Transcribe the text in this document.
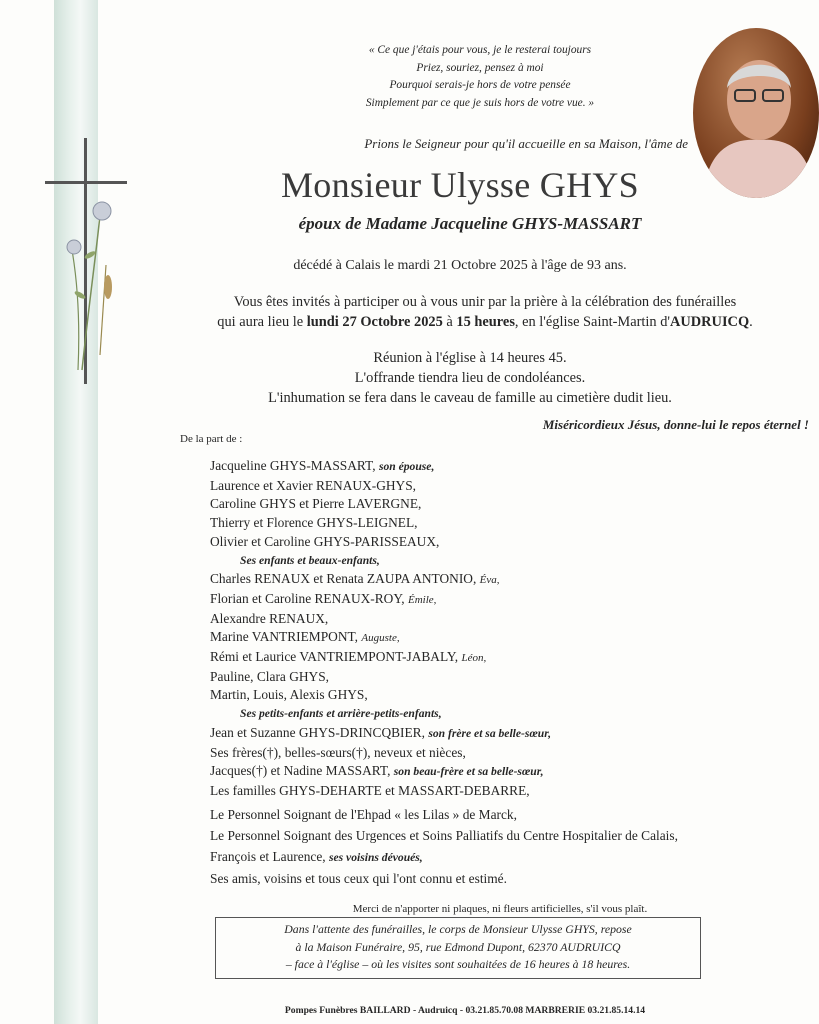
« Ce que j'étais pour vous, je le resterai toujours
Priez, souriez, pensez à moi
Pourquoi serais-je hors de votre pensée
Simplement par ce que je suis hors de votre vue. »
Prions le Seigneur pour qu'il accueille en sa Maison, l'âme de
Monsieur Ulysse GHYS
époux de Madame Jacqueline GHYS-MASSART
décédé à Calais le mardi 21 Octobre 2025 à l'âge de 93 ans.
Vous êtes invités à participer ou à vous unir par la prière à la célébration des funérailles
qui aura lieu le lundi 27 Octobre 2025 à 15 heures, en l'église Saint-Martin d'AUDRUICQ.
Réunion à l'église à 14 heures 45.
L'offrande tiendra lieu de condoléances.
L'inhumation se fera dans le caveau de famille au cimetière dudit lieu.
Miséricordieux Jésus, donne-lui le repos éternel !
De la part de :
Jacqueline GHYS-MASSART, son épouse,
Laurence et Xavier RENAUX-GHYS,
Caroline GHYS et Pierre LAVERGNE,
Thierry et Florence GHYS-LEIGNEL,
Olivier et Caroline GHYS-PARISSEAUX,
Ses enfants et beaux-enfants,
Charles RENAUX et Renata ZAUPA ANTONIO, Éva,
Florian et Caroline RENAUX-ROY, Émile,
Alexandre RENAUX,
Marine VANTRIEMPONT, Auguste,
Rémi et Laurice VANTRIEMPONT-JABALY, Léon,
Pauline, Clara GHYS,
Martin, Louis, Alexis GHYS,
Ses petits-enfants et arrière-petits-enfants,
Jean et Suzanne GHYS-DRINCQBIER, son frère et sa belle-sœur,
Ses frères(†), belles-sœurs(†), neveux et nièces,
Jacques(†) et Nadine MASSART, son beau-frère et sa belle-sœur,
Les familles GHYS-DEHARTE et MASSART-DEBARRE,
Le Personnel Soignant de l'Ehpad « les Lilas » de Marck,
Le Personnel Soignant des Urgences et Soins Palliatifs du Centre Hospitalier de Calais,
François et Laurence, ses voisins dévoués,
Ses amis, voisins et tous ceux qui l'ont connu et estimé.
Merci de n'apporter ni plaques, ni fleurs artificielles, s'il vous plaît.
Dans l'attente des funérailles, le corps de Monsieur Ulysse GHYS, repose
à la Maison Funéraire, 95, rue Edmond Dupont, 62370 AUDRUICQ
– face à l'église – où les visites sont souhaitées de 16 heures à 18 heures.
Pompes Funèbres BAILLARD - Audruicq - 03.21.85.70.08 MARBRERIE 03.21.85.14.14
